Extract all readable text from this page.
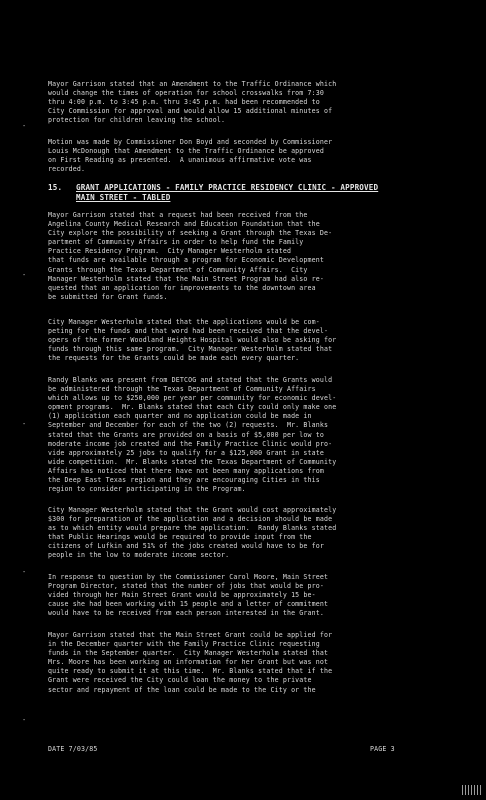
Mayor Garrison stated that an Amendment to the Traffic Ordinance which
would change the times of operation for school crosswalks from 7:30
thru 4:00 p.m. to 3:45 p.m. thru 3:45 p.m. had been recommended to
City Commission for approval and would allow 15 additional minutes of
protection for children leaving the school.

Motion was made by Commissioner Don Boyd and seconded by Commissioner
Louis McDonough that Amendment to the Traffic Ordinance be approved
on First Reading as presented.  A unanimous affirmative vote was
recorded.

15. GRANT APPLICATIONS - FAMILY PRACTICE RESIDENCY CLINIC - APPROVED
MAIN STREET - TABLED

Mayor Garrison stated that a request had been received from the
Angelina County Medical Research and Education Foundation that the
City explore the possibility of seeking a Grant through the Texas De-
partment of Community Affairs in order to help fund the Family
Practice Residency Program.  City Manager Westerholm stated
that funds are available through a program for Economic Development
Grants through the Texas Department of Community Affairs.  City
Manager Westerholm stated that the Main Street Program had also re-
quested that an application for improvements to the downtown area
be submitted for Grant funds.

City Manager Westerholm stated that the applications would be com-
peting for the funds and that word had been received that the devel-
opers of the former Woodland Heights Hospital would also be asking for
funds through this same program.  City Manager Westerholm stated that
the requests for the Grants could be made each every quarter.

Randy Blanks was present from DETCOG and stated that the Grants would
be administered through the Texas Department of Community Affairs
which allows up to $250,000 per year per community for economic devel-
opment programs.  Mr. Blanks stated that each City could only make one
(1) application each quarter and no application could be made in
September and December for each of the two (2) requests.  Mr. Blanks
stated that the Grants are provided on a basis of $5,000 per low to
moderate income job created and the Family Practice Clinic would pro-
vide approximately 25 jobs to qualify for a $125,000 Grant in state
wide competition.  Mr. Blanks stated the Texas Department of Community
Affairs has noticed that there have not been many applications from
the Deep East Texas region and they are encouraging Cities in this
region to consider participating in the Program.

City Manager Westerholm stated that the Grant would cost approximately
$300 for preparation of the application and a decision should be made
as to which entity would prepare the application.  Randy Blanks stated
that Public Hearings would be required to provide input from the
citizens of Lufkin and 51% of the jobs created would have to be for
people in the low to moderate income sector.

In response to question by the Commissioner Carol Moore, Main Street
Program Director, stated that the number of jobs that would be pro-
vided through her Main Street Grant would be approximately 15 be-
cause she had been working with 15 people and a letter of commitment
would have to be received from each person interested in the Grant.

Mayor Garrison stated that the Main Street Grant could be applied for
in the December quarter with the Family Practice Clinic requesting
funds in the September quarter.  City Manager Westerholm stated that
Mrs. Moore has been working on information for her Grant but was not
quite ready to submit it at this time.  Mr. Blanks stated that if the
Grant were received the City could loan the money to the private
sector and repayment of the loan could be made to the City or the

-
-
-
-
-
DATE 7/03/85	PAGE 3
